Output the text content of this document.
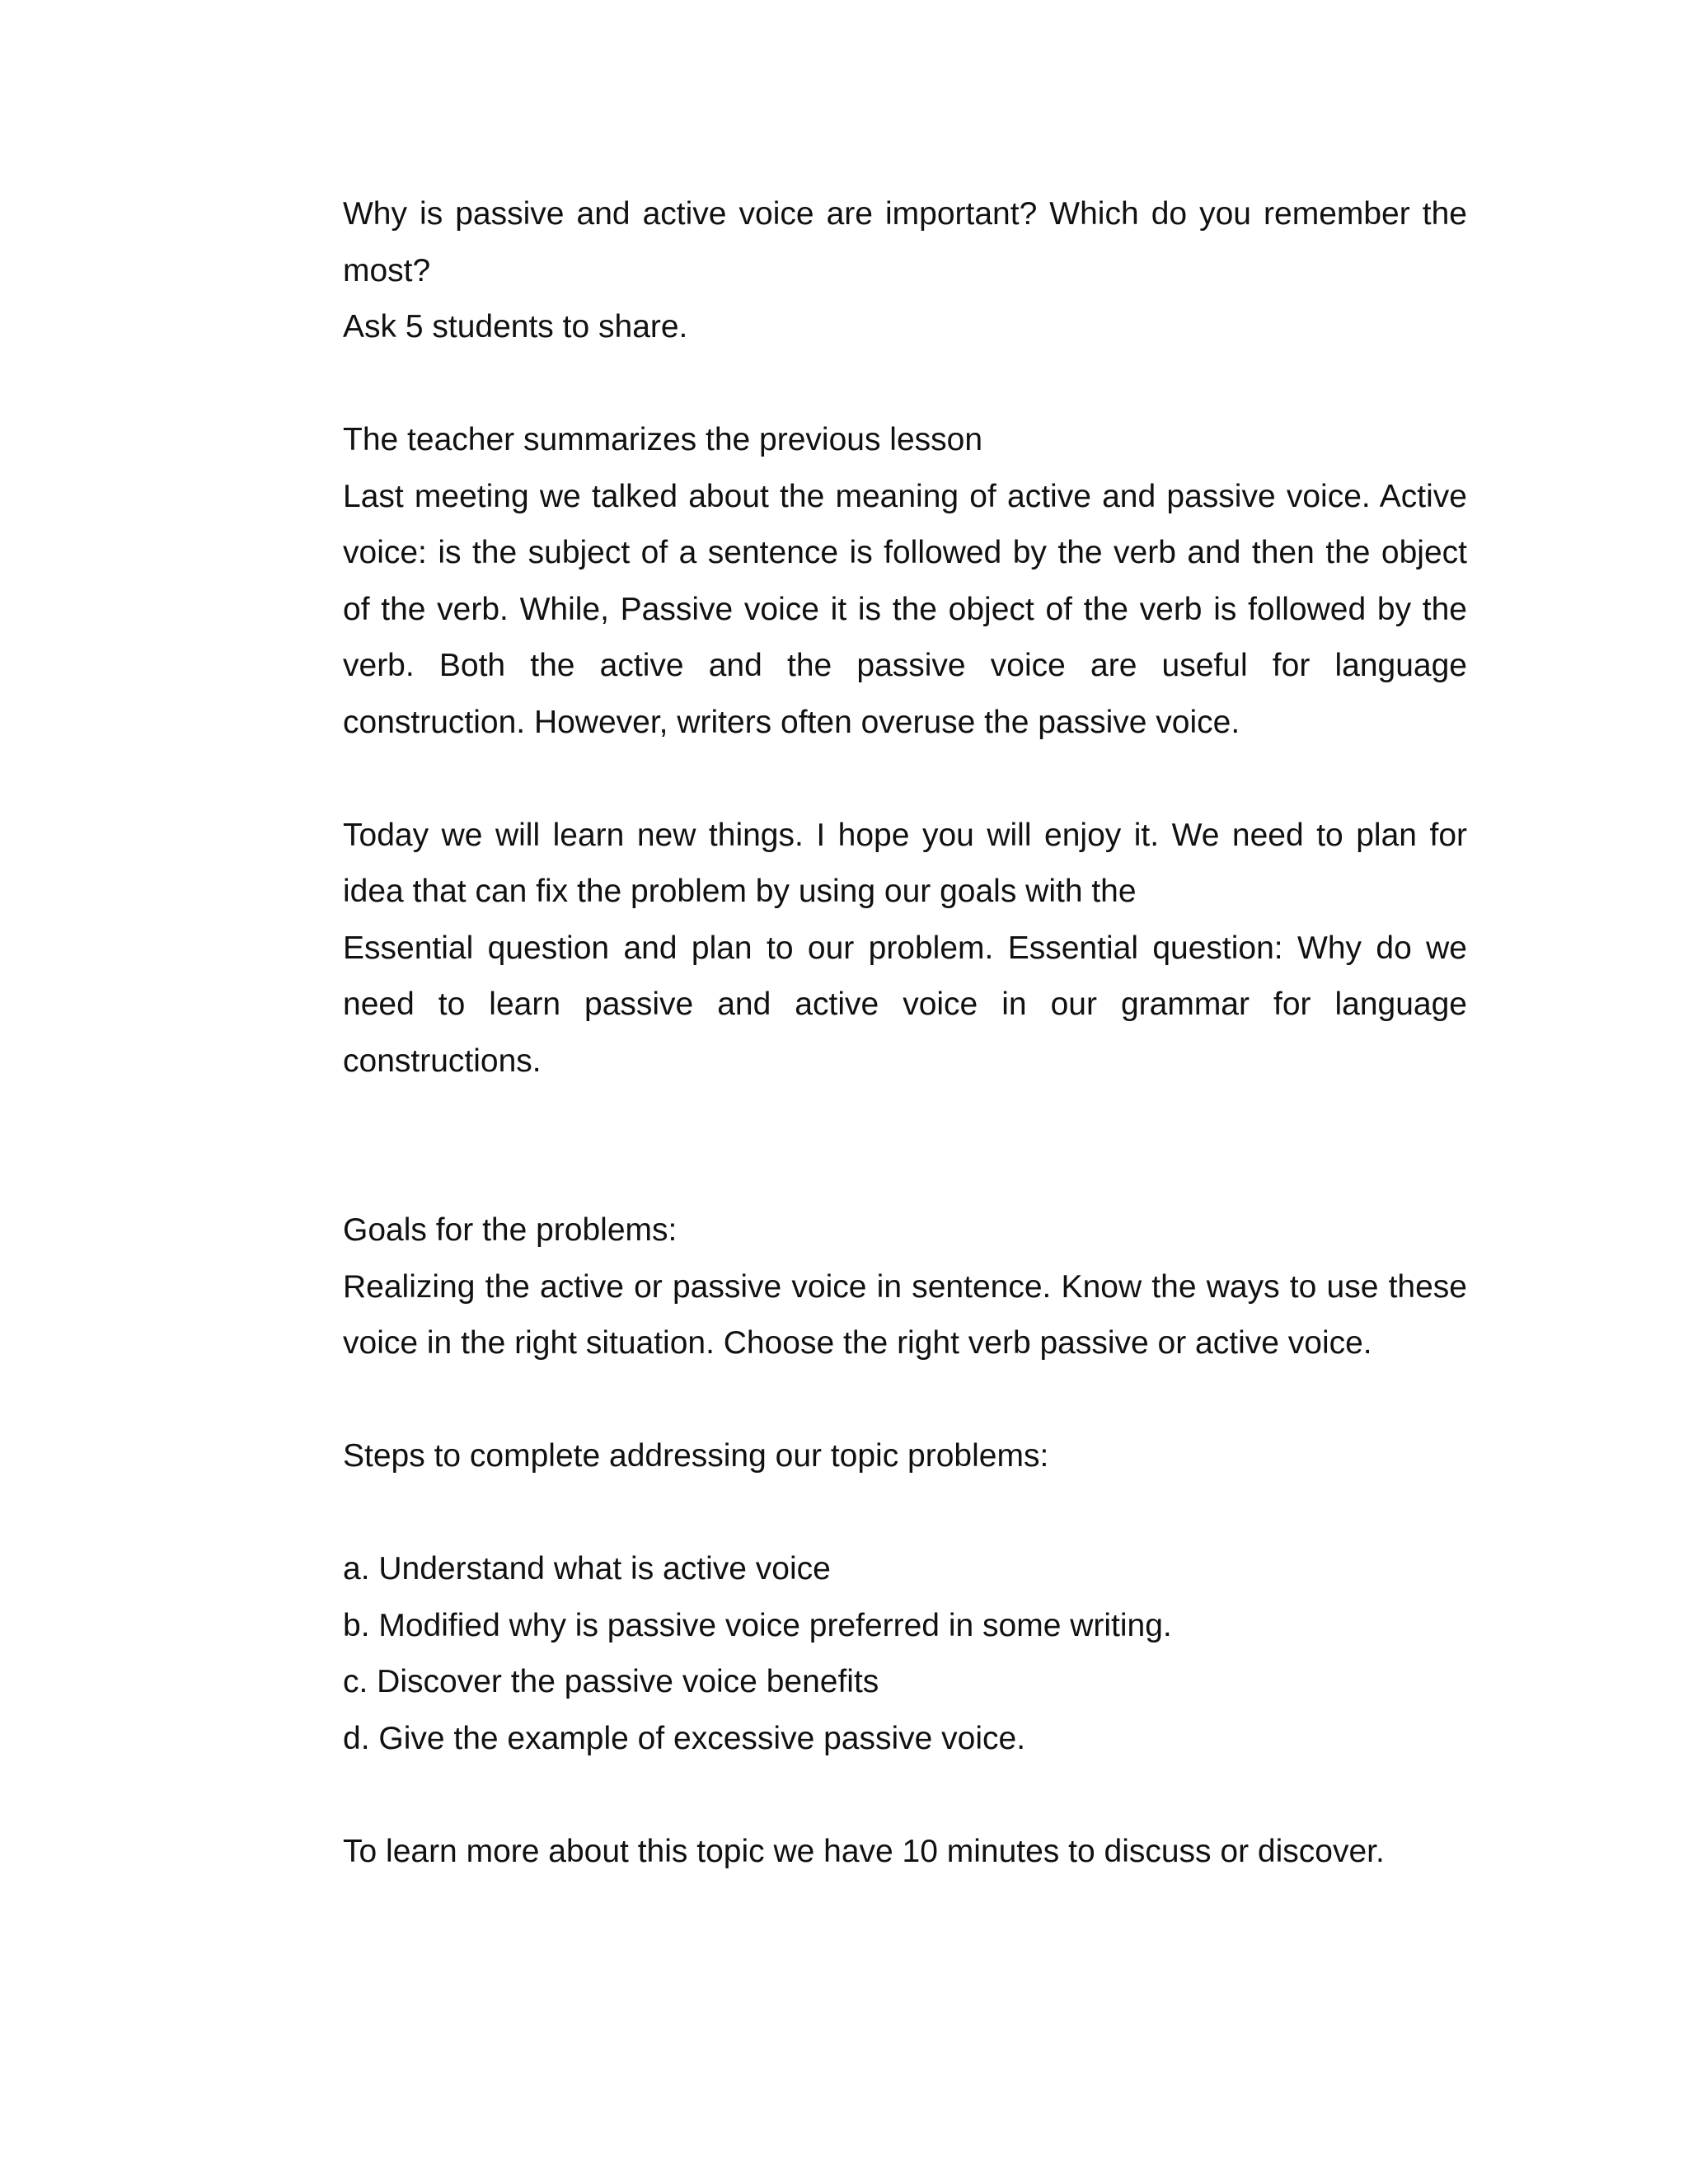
Why is passive and active voice are important? Which do you remember the
most?
Ask 5 students to share.
The teacher summarizes the previous lesson
Last meeting we talked about the meaning of active and passive voice. Active
voice: is the subject of a sentence is followed by the verb and then the object
of the verb. While, Passive voice it is the object of the verb is followed by the
verb. Both the active and the passive voice are useful for language
construction. However, writers often overuse the passive voice.
Today we will learn new things. I hope you will enjoy it. We need to plan for
idea that can fix the problem by using our goals with the
Essential question and plan to our problem. Essential question: Why do we
need to learn passive and active voice in our grammar for language
constructions.
Goals for the problems:
Realizing the active or passive voice in sentence. Know the ways to use these
voice in the right situation. Choose the right verb passive or active voice.
Steps to complete addressing our topic problems:
a. Understand what is active voice
b. Modified why is passive voice preferred in some writing.
c. Discover the passive voice benefits
d. Give the example of excessive passive voice.
To learn more about this topic we have 10 minutes to discuss or discover.
